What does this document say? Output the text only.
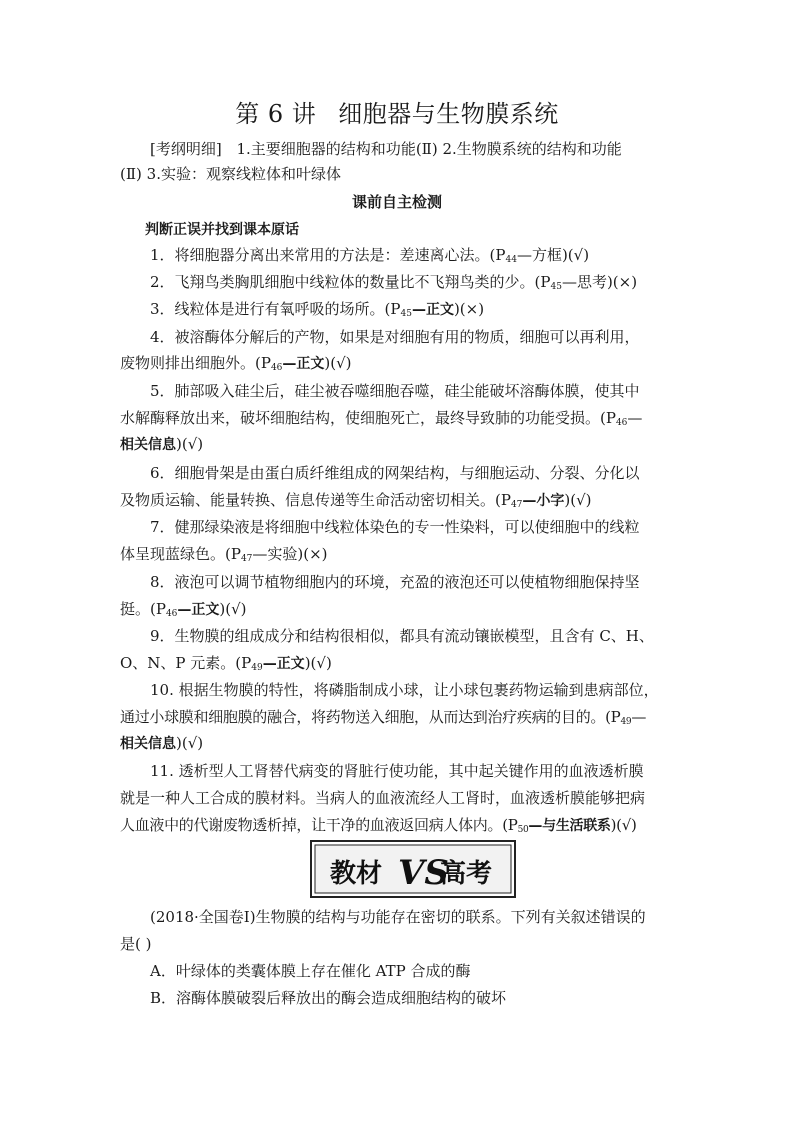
第 6 讲 细胞器与生物膜系统
[考纲明细] 1.主要细胞器的结构和功能(Ⅱ) 2.生物膜系统的结构和功能
(Ⅱ) 3.实验：观察线粒体和叶绿体
课前自主检测
判断正误并找到课本原话
1．将细胞器分离出来常用的方法是：差速离心法。($P_{44}—$方框)(√)
2．飞翔鸟类胸肌细胞中线粒体的数量比不飞翔鸟类的少。($P_{45}—$思考)(×)
3．线粒体是进行有氧呼吸的场所。($P_{45}—$正文)(×)
4．被溶酶体分解后的产物，如果是对细胞有用的物质，细胞可以再利用，
废物则排出细胞外。($P_{46}—$正文)(√)
5．肺部吸入硅尘后，硅尘被吞噬细胞吞噬，硅尘能破坏溶酶体膜，使其中
水解酶释放出来，破坏细胞结构，使细胞死亡，最终导致肺的功能受损。($P_{46}—$
相关信息)(√)
6．细胞骨架是由蛋白质纤维组成的网架结构，与细胞运动、分裂、分化以
及物质运输、能量转换、信息传递等生命活动密切相关。($P_{47}—$小字)(√)
7．健那绿染液是将细胞中线粒体染色的专一性染料，可以使细胞中的线粒
体呈现蓝绿色。($P_{47}—$实验)(×)
8．液泡可以调节植物细胞内的环境，充盈的液泡还可以使植物细胞保持坚
挺。($P_{46}—$正文)(√)
9．生物膜的组成成分和结构很相似，都具有流动镶嵌模型，且含有 C、H、
O、N、P 元素。($P_{49}—$正文)(√)
10. 根据生物膜的特性，将磷脂制成小球，让小球包裹药物运输到患病部位，
通过小球膜和细胞膜的融合，将药物送入细胞，从而达到治疗疾病的目的。($P_{49}—$
相关信息)(√)
11. 透析型人工肾替代病变的肾脏行使功能，其中起关键作用的血液透析膜
就是一种人工合成的膜材料。当病人的血液流经人工肾时，血液透析膜能够把病
人血液中的代谢废物透析掉，让干净的血液返回病人体内。($P_{50}—$与生活联系)(√)
教材 VS
高考
(2018·全国卷Ⅰ)生物膜的结构与功能存在密切的联系。下列有关叙述错误的
是( )
A．叶绿体的类囊体膜上存在催化 ATP 合成的酶
B．溶酶体膜破裂后释放出的酶会造成细胞结构的破坏
